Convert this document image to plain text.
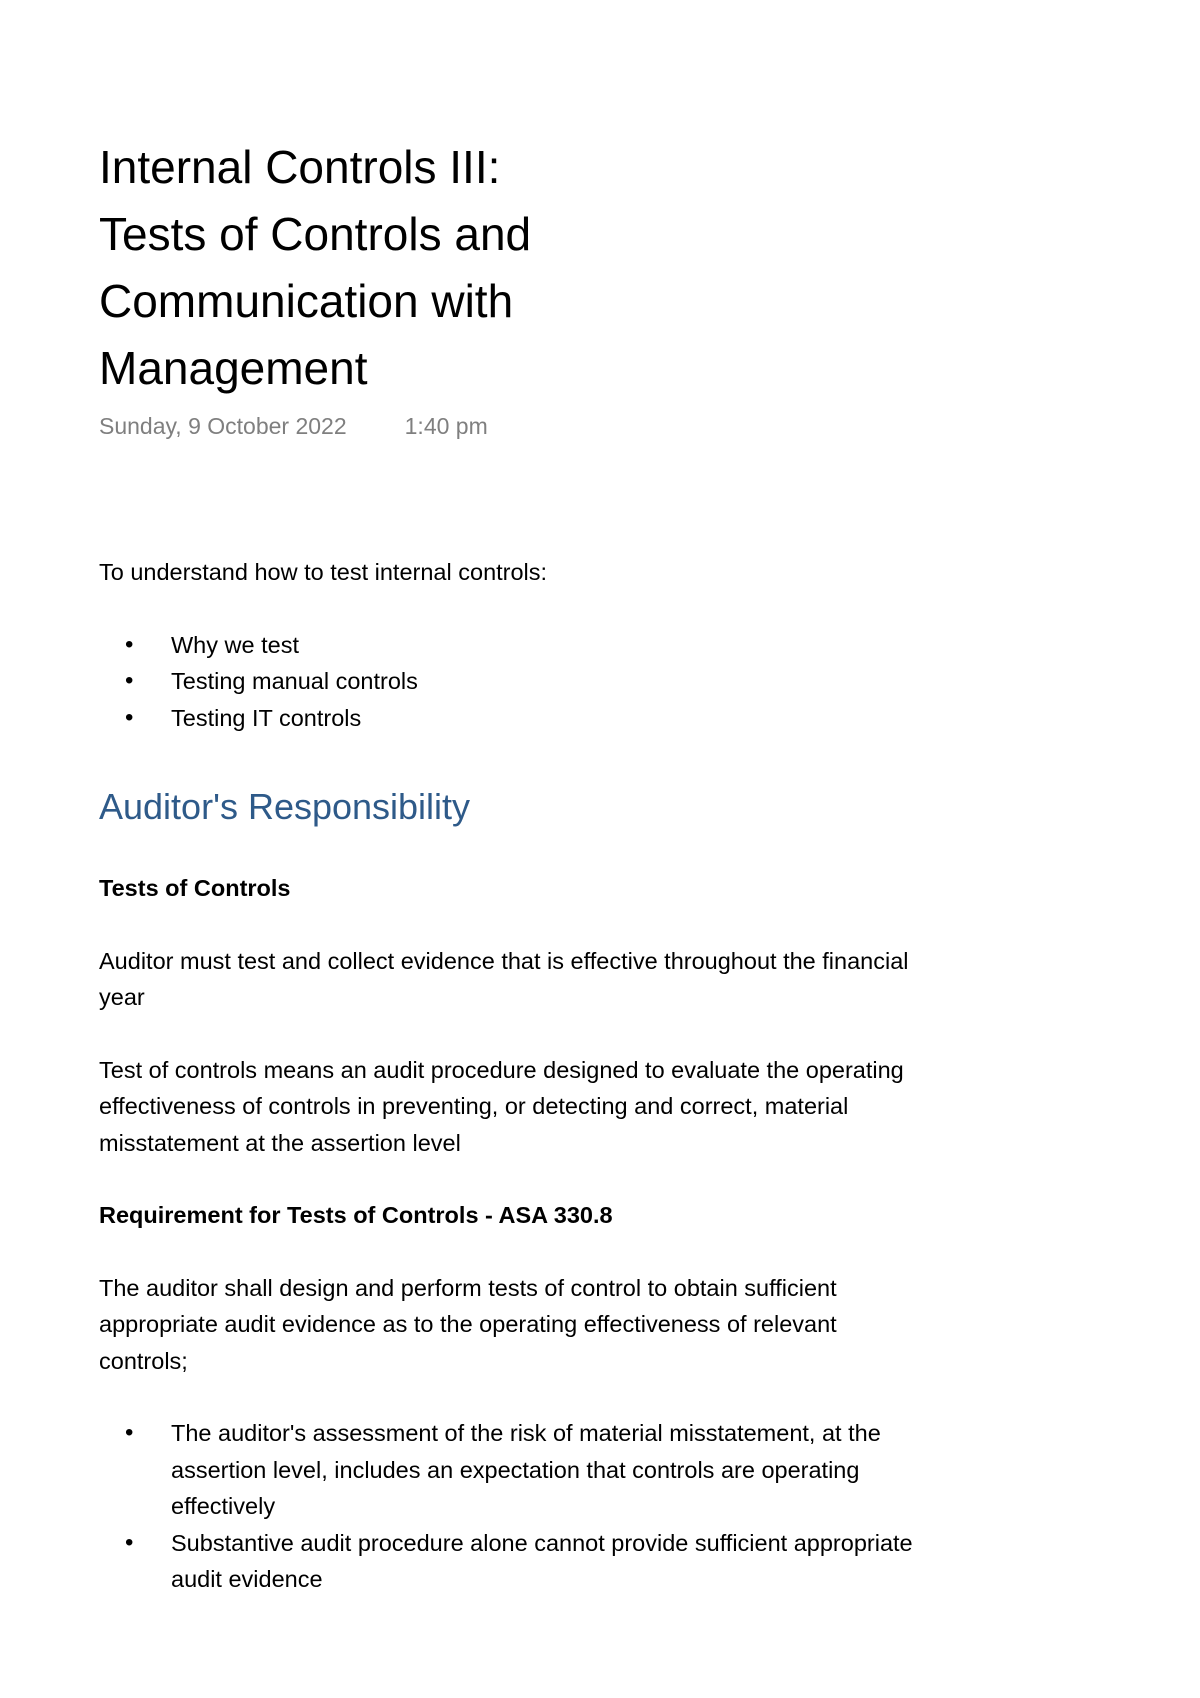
Internal Controls III:
Tests of Controls and
Communication with
Management
Sunday, 9 October 2022	1:40 pm

To understand how to test internal controls:

• Why we test
• Testing manual controls
• Testing IT controls
Auditor's Responsibility
Tests of Controls

Auditor must test and collect evidence that is effective throughout the financial
year

Test of controls means an audit procedure designed to evaluate the operating
effectiveness of controls in preventing, or detecting and correct, material
misstatement at the assertion level

Requirement for Tests of Controls - ASA 330.8

The auditor shall design and perform tests of control to obtain sufficient
appropriate audit evidence as to the operating effectiveness of relevant
controls;

• The auditor's assessment of the risk of material misstatement, at the
assertion level, includes an expectation that controls are operating
effectively
• Substantive audit procedure alone cannot provide sufficient appropriate
audit evidence
